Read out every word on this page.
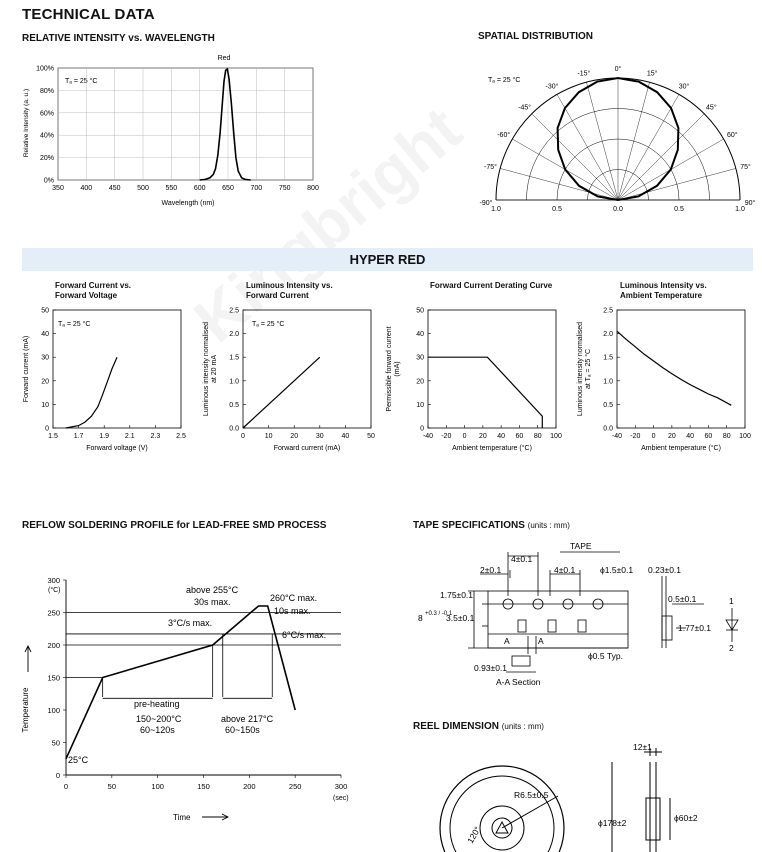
TECHNICAL DATA
RELATIVE INTENSITY vs. WAVELENGTH
Red
Tₐ = 25 °C
350 400 450 500 550 600 650 700 750 800
0%
20%
40%
60%
80%
100%
Relative Intensity (a. u.)
Wavelength (nm)
SPATIAL DISTRIBUTION
0°
15°
30°
45°
60°
75°
90°
-15°
-30°
-45°
-60°
-75°
-90°
1.0	0.5	0.0	0.5	1.0
Tₐ = 25 °C
HYPER RED
Forward Current vs.
Forward Voltage
Luminous Intensity vs.
Forward Current
Forward Current Derating Curve	Luminous Intensity vs.
Ambient Temperature
1.5 1.7 1.9 2.1 2.3 2.5
0
10
20
30
40
50
Tₐ = 25 °C
Forward current (mA)
Forward voltage (V)
0	10	20	30	40	50
0.0
0.5
1.0
1.5
2.0
2.5
Tₐ = 25 °C
Luminous intensity normalised at 20 mA
Forward current (mA)
-40 -20 0 20 40 60 80 100
0
10
20
30
40
50
Permissible forward current (mA)
Ambient temperature (°C)
-40 -20 0 20 40 60 80 100
0.0
0.5
1.0
1.5
2.0
2.5
Luminous intensity normalised at Tₐ = 25 °C
Ambient temperature (°C)
REFLOW SOLDERING PROFILE for LEAD-FREE SMD PROCESS
0	50	100	150	200	250	300
0
50
100
150
200
250
300
above 255°C
30s max.	260°C max.
10s max.
3°C/s max.
6°C/s max.
pre-heating
150~200°C
60~120s
above 217°C
60~150s
25°C
(°C)
Temperature
(sec)
Time
TAPE SPECIFICATIONS (units : mm)
TAPE
4±0.1
2±0.1	4±0.1	ϕ1.5±0.1 0.23±0.1
1.75±0.1
8 +0.3 / -0.1
3.5±0.1
0.5±0.1
1.77±0.1
A	A
ϕ0.5 Typ.
0.93±0.1
A-A Section
1
2
REEL DIMENSION (units : mm)
12±1
R6.5±0.5
ϕ178±2	ϕ60±2
120°
